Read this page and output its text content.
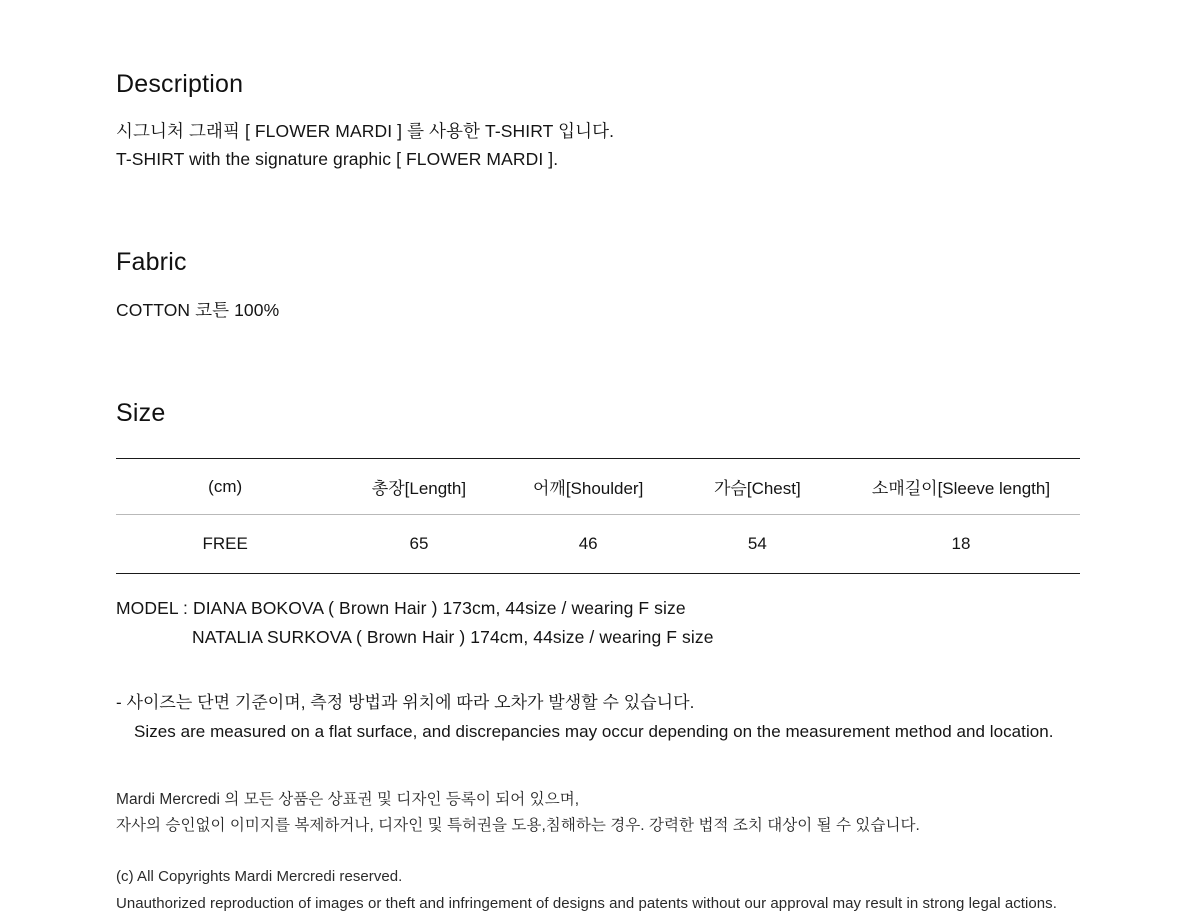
Description
시그니처 그래픽 [ FLOWER MARDI ] 를 사용한 T-SHIRT 입니다.
T-SHIRT with the signature graphic [ FLOWER MARDI ].
Fabric
COTTON 코튼 100%
Size
(cm)	총장[Length]	어깨[Shoulder]	가슴[Chest]	소매길이[Sleeve length]
FREE	65	46	54	18
MODEL : DIANA BOKOVA ( Brown Hair ) 173cm, 44size / wearing F size
NATALIA SURKOVA ( Brown Hair ) 174cm, 44size / wearing F size
- 사이즈는 단면 기준이며, 측정 방법과 위치에 따라 오차가 발생할 수 있습니다.
Sizes are measured on a flat surface, and discrepancies may occur depending on the measurement method and location.
Mardi Mercredi 의 모든 상품은 상표권 및 디자인 등록이 되어 있으며,
자사의 승인없이 이미지를 복제하거나, 디자인 및 특허권을 도용,침해하는 경우. 강력한 법적 조치 대상이 될 수 있습니다.
(c) All Copyrights Mardi Mercredi reserved.
Unauthorized reproduction of images or theft and infringement of designs and patents without our approval may result in strong legal actions.
